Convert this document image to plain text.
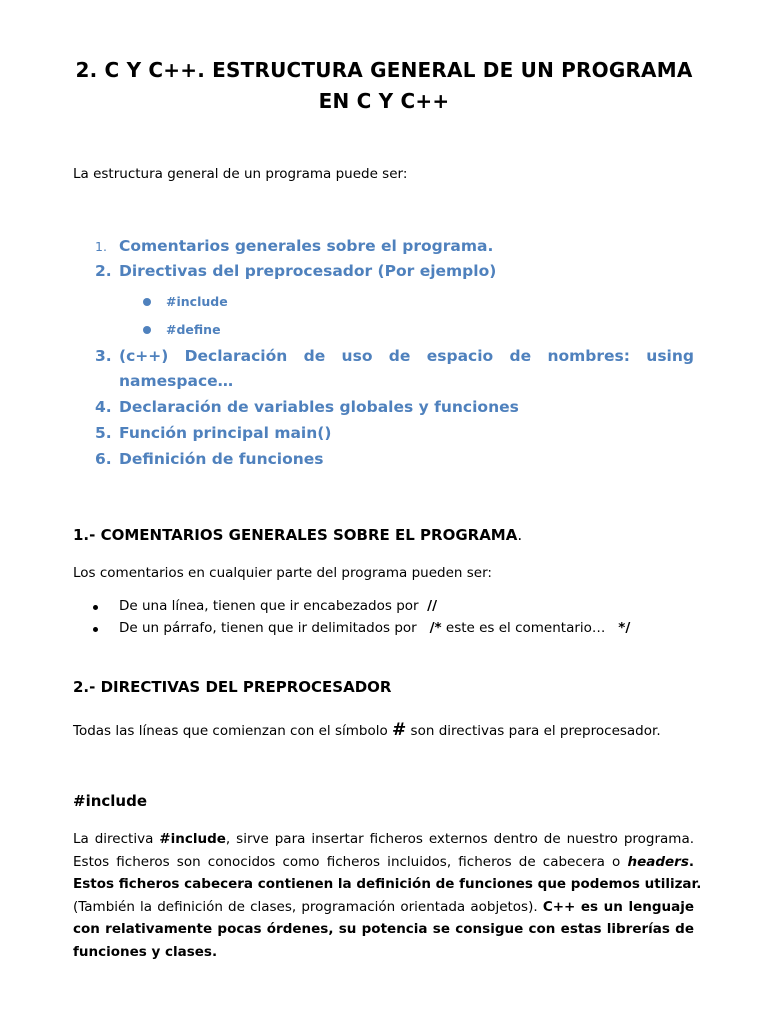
2. C Y C++. ESTRUCTURA GENERAL DE UN PROGRAMA
EN C Y C++
La estructura general de un programa puede ser:
1. Comentarios generales sobre el programa.
2. Directivas del preprocesador (Por ejemplo)
#include
#define
3. (c++) Declaración de uso de espacio de nombres: using
namespace…
4. Declaración de variables globales y funciones
5. Función principal main()
6. Definición de funciones
1.- COMENTARIOS GENERALES SOBRE EL PROGRAMA.
Los comentarios en cualquier parte del programa pueden ser:
De una línea, tienen que ir encabezados por  //
De un párrafo, tienen que ir delimitados por   /* este es el comentario…   */
2.- DIRECTIVAS DEL PREPROCESADOR
Todas las líneas que comienzan con el símbolo # son directivas para el preprocesador.
#include
La directiva #include, sirve para insertar ficheros externos dentro de nuestro programa.
Estos ficheros son conocidos como ficheros incluidos, ficheros de cabecera o headers.
Estos ficheros cabecera contienen la definición de funciones que podemos utilizar.
(También la definición de clases, programación orientada aobjetos). C++ es un lenguaje
con relativamente pocas órdenes, su potencia se consigue con estas librerías de
funciones y clases.
